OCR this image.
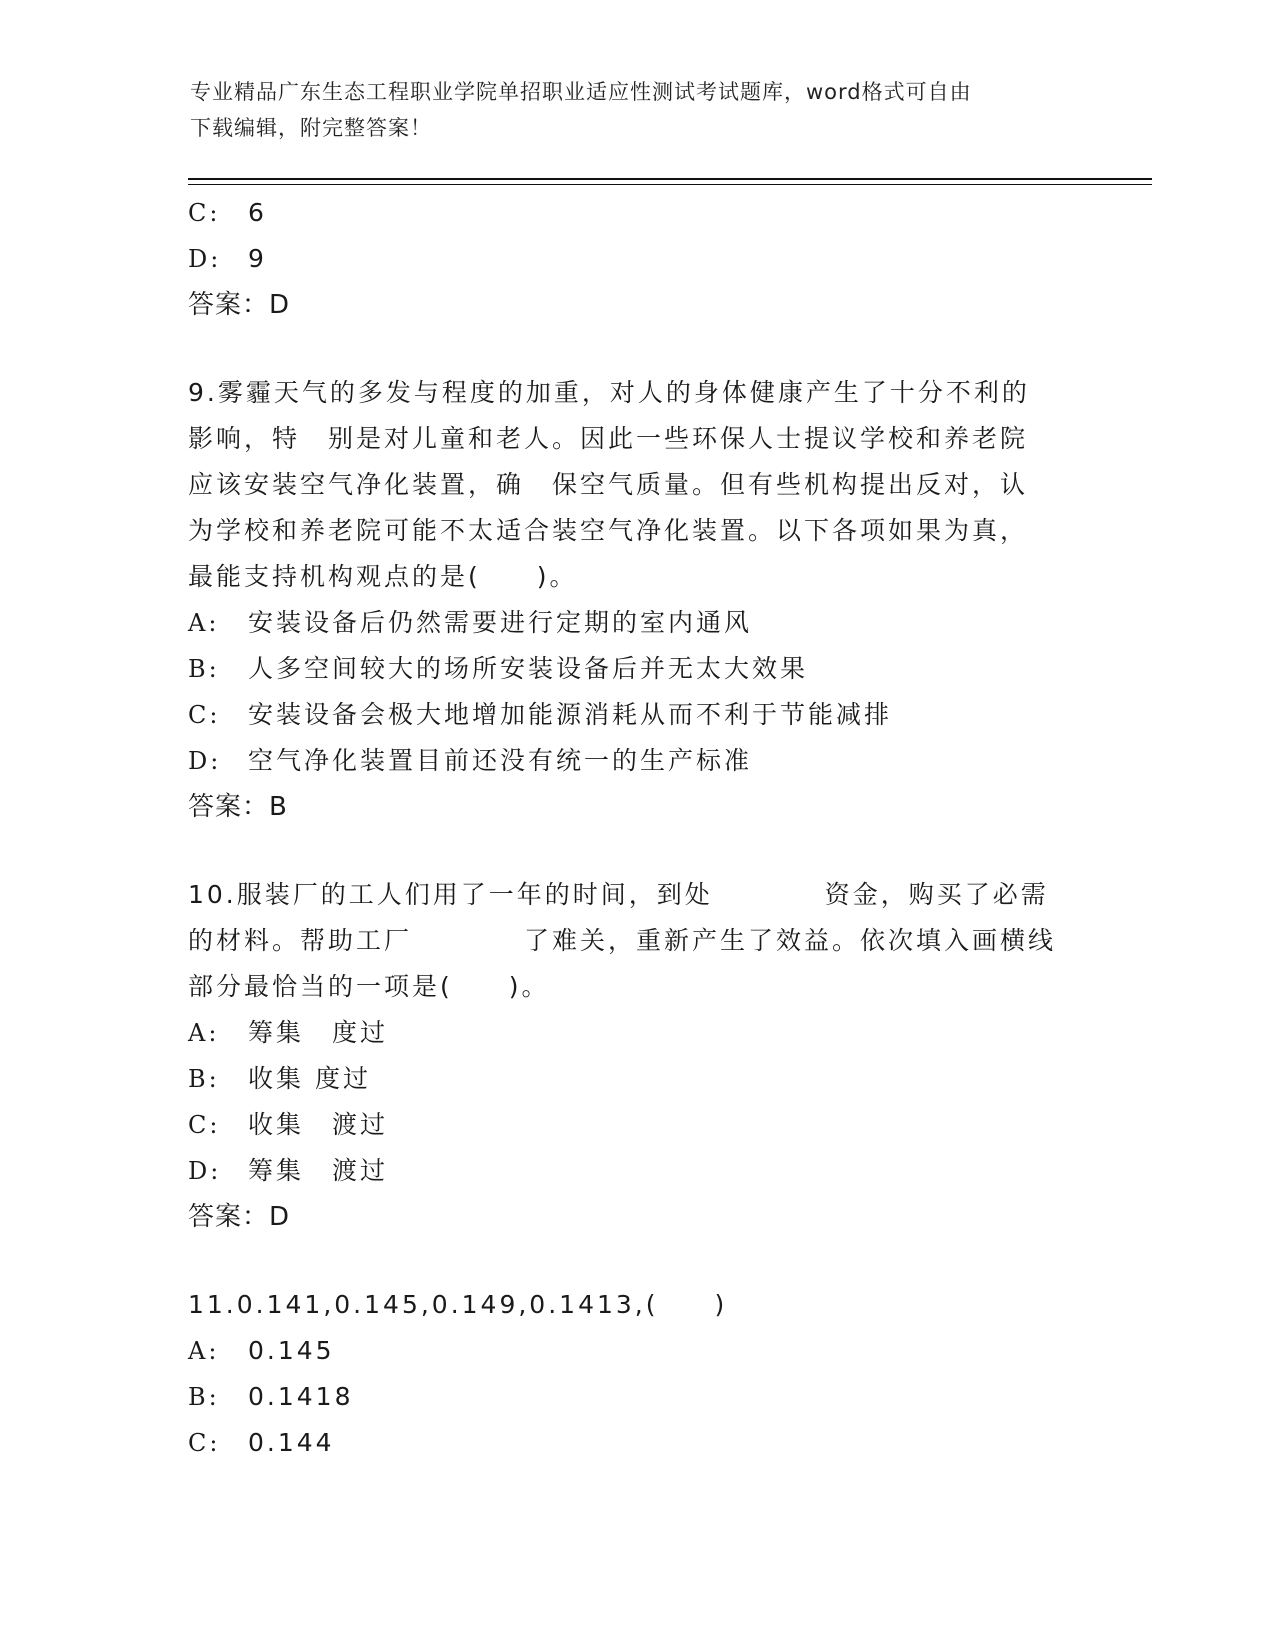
专业精品广东生态工程职业学院单招职业适应性测试考试题库，word格式可自由
下载编辑，附完整答案！
C:	6
D:	9
答案：D
9.雾霾天气的多发与程度的加重，对人的身体健康产生了十分不利的
影响，特　别是对儿童和老人。因此一些环保人士提议学校和养老院
应该安装空气净化装置，确　保空气质量。但有些机构提出反对，认
为学校和养老院可能不太适合装空气净化装置。以下各项如果为真，
最能支持机构观点的是(　　)。
A:	安装设备后仍然需要进行定期的室内通风
B:	人多空间较大的场所安装设备后并无太大效果
C:	安装设备会极大地增加能源消耗从而不利于节能减排
D:	空气净化装置目前还没有统一的生产标准
答案：B
10.服装厂的工人们用了一年的时间，到处　　　　资金，购买了必需
的材料。帮助工厂　　　　了难关，重新产生了效益。依次填入画横线
部分最恰当的一项是(　　)。
A:	筹集　度过
B:	收集 度过
C:	收集　渡过
D:	筹集　渡过
答案：D
11.0.141,0.145,0.149,0.1413,(　　)
A:	0.145
B:	0.1418
C:	0.144
